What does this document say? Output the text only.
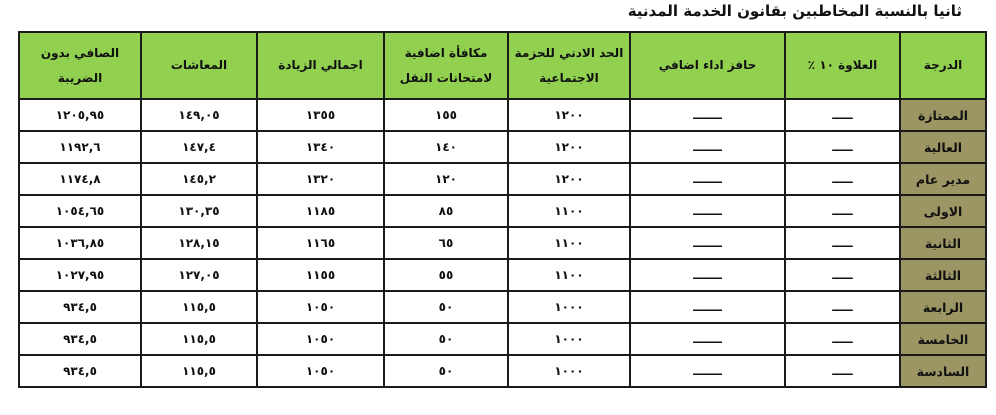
ثانيا بالنسبة المخاطبين بقانون الخدمة المدنية
الدرجة	العلاوة ١٠ ٪	حافز اداء اضافي	الحد الادني للحزمة الاجتماعية	مكافأة اضافية لامتحانات النقل	اجمالي الزيادة	المعاشات	الصافي بدون الضريبة
الممتازة	ـــــ	ـــــــ	١٢٠٠	١٥٥	١٣٥٥	١٤٩,٠٥	١٢٠٥,٩٥
العالية	ـــــ	ـــــــ	١٢٠٠	١٤٠	١٣٤٠	١٤٧,٤	١١٩٢,٦
مدير عام	ـــــ	ـــــــ	١٢٠٠	١٢٠	١٣٢٠	١٤٥,٢	١١٧٤,٨
الاولى	ـــــ	ـــــــ	١١٠٠	٨٥	١١٨٥	١٣٠,٣٥	١٠٥٤,٦٥
الثانية	ـــــ	ـــــــ	١١٠٠	٦٥	١١٦٥	١٢٨,١٥	١٠٣٦,٨٥
الثالثة	ـــــ	ـــــــ	١١٠٠	٥٥	١١٥٥	١٢٧,٠٥	١٠٢٧,٩٥
الرابعة	ـــــ	ـــــــ	١٠٠٠	٥٠	١٠٥٠	١١٥,٥	٩٣٤,٥
الخامسة	ـــــ	ـــــــ	١٠٠٠	٥٠	١٠٥٠	١١٥,٥	٩٣٤,٥
السادسة	ـــــ	ـــــــ	١٠٠٠	٥٠	١٠٥٠	١١٥,٥	٩٣٤,٥
